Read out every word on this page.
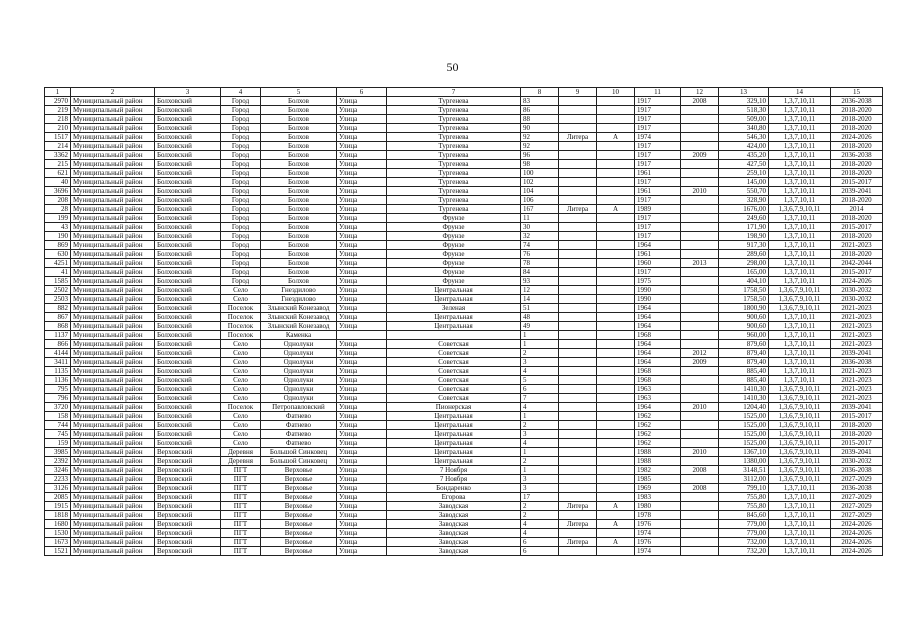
50
1	2	3	4	5	6	7	8	9	10	11	12	13	14	15
2970	Муниципальный район	Болховский	Город	Болхов	Улица	Тургенева	83			1917	2008	329,10	1,3,7,10,11	2036-2038
219	Муниципальный район	Болховский	Город	Болхов	Улица	Тургенева	86			1917		518,30	1,3,7,10,11	2018-2020
218	Муниципальный район	Болховский	Город	Болхов	Улица	Тургенева	88			1917		509,00	1,3,7,10,11	2018-2020
210	Муниципальный район	Болховский	Город	Болхов	Улица	Тургенева	90			1917		340,80	1,3,7,10,11	2018-2020
1517	Муниципальный район	Болховский	Город	Болхов	Улица	Тургенева	92	Литера	А	1974		546,30	1,3,7,10,11	2024-2026
214	Муниципальный район	Болховский	Город	Болхов	Улица	Тургенева	92			1917		424,00	1,3,7,10,11	2018-2020
3362	Муниципальный район	Болховский	Город	Болхов	Улица	Тургенева	96			1917	2009	435,20	1,3,7,10,11	2036-2038
215	Муниципальный район	Болховский	Город	Болхов	Улица	Тургенева	98			1917		427,50	1,3,7,10,11	2018-2020
621	Муниципальный район	Болховский	Город	Болхов	Улица	Тургенева	100			1961		259,10	1,3,7,10,11	2018-2020
40	Муниципальный район	Болховский	Город	Болхов	Улица	Тургенева	102			1917		145,00	1,3,7,10,11	2015-2017
3696	Муниципальный район	Болховский	Город	Болхов	Улица	Тургенева	104			1961	2010	550,70	1,3,7,10,11	2039-2041
208	Муниципальный район	Болховский	Город	Болхов	Улица	Тургенева	106			1917		328,90	1,3,7,10,11	2018-2020
28	Муниципальный район	Болховский	Город	Болхов	Улица	Тургенева	167	Литера	А	1989		1676,00	1,3,6,7,9,10,11	2014
199	Муниципальный район	Болховский	Город	Болхов	Улица	Фрунзе	11			1917		249,60	1,3,7,10,11	2018-2020
43	Муниципальный район	Болховский	Город	Болхов	Улица	Фрунзе	30			1917		171,90	1,3,7,10,11	2015-2017
190	Муниципальный район	Болховский	Город	Болхов	Улица	Фрунзе	32			1917		198,90	1,3,7,10,11	2018-2020
869	Муниципальный район	Болховский	Город	Болхов	Улица	Фрунзе	74			1964		917,30	1,3,7,10,11	2021-2023
630	Муниципальный район	Болховский	Город	Болхов	Улица	Фрунзе	76			1961		289,60	1,3,7,10,11	2018-2020
4251	Муниципальный район	Болховский	Город	Болхов	Улица	Фрунзе	78			1960	2013	298,00	1,3,7,10,11	2042-2044
41	Муниципальный район	Болховский	Город	Болхов	Улица	Фрунзе	84			1917		165,00	1,3,7,10,11	2015-2017
1585	Муниципальный район	Болховский	Город	Болхов	Улица	Фрунзе	93			1975		404,10	1,3,7,10,11	2024-2026
2502	Муниципальный район	Болховский	Село	Гнездилово	Улица	Центральная	12			1990		1758,50	1,3,6,7,9,10,11	2030-2032
2503	Муниципальный район	Болховский	Село	Гнездилово	Улица	Центральная	14			1990		1758,50	1,3,6,7,9,10,11	2030-2032
882	Муниципальный район	Болховский	Поселок	Злынский Конезавод	Улица	Зеленая	51			1964		1800,90	1,3,6,7,9,10,11	2021-2023
867	Муниципальный район	Болховский	Поселок	Злынский Конезавод	Улица	Центральная	48			1964		900,60	1,3,7,10,11	2021-2023
868	Муниципальный район	Болховский	Поселок	Злынский Конезавод	Улица	Центральная	49			1964		900,60	1,3,7,10,11	2021-2023
1137	Муниципальный район	Болховский	Поселок	Каменка			1			1968		960,00	1,3,7,10,11	2021-2023
866	Муниципальный район	Болховский	Село	Однолуки	Улица	Советская	1			1964		879,60	1,3,7,10,11	2021-2023
4144	Муниципальный район	Болховский	Село	Однолуки	Улица	Советская	2			1964	2012	879,40	1,3,7,10,11	2039-2041
3411	Муниципальный район	Болховский	Село	Однолуки	Улица	Советская	3			1964	2009	879,40	1,3,7,10,11	2036-2038
1135	Муниципальный район	Болховский	Село	Однолуки	Улица	Советская	4			1968		885,40	1,3,7,10,11	2021-2023
1136	Муниципальный район	Болховский	Село	Однолуки	Улица	Советская	5			1968		885,40	1,3,7,10,11	2021-2023
795	Муниципальный район	Болховский	Село	Однолуки	Улица	Советская	6			1963		1410,30	1,3,6,7,9,10,11	2021-2023
796	Муниципальный район	Болховский	Село	Однолуки	Улица	Советская	7			1963		1410,30	1,3,6,7,9,10,11	2021-2023
3720	Муниципальный район	Болховский	Поселок	Петропавловский	Улица	Пионерская	4			1964	2010	1204,40	1,3,6,7,9,10,11	2039-2041
158	Муниципальный район	Болховский	Село	Фатнево	Улица	Центральная	1			1962		1525,00	1,3,6,7,9,10,11	2015-2017
744	Муниципальный район	Болховский	Село	Фатнево	Улица	Центральная	2			1962		1525,00	1,3,6,7,9,10,11	2018-2020
745	Муниципальный район	Болховский	Село	Фатнево	Улица	Центральная	3			1962		1525,00	1,3,6,7,9,10,11	2018-2020
159	Муниципальный район	Болховский	Село	Фатнево	Улица	Центральная	4			1962		1525,00	1,3,6,7,9,10,11	2015-2017
3985	Муниципальный район	Верховский	Деревня	Большой Синковец	Улица	Центральная	1			1988	2010	1367,10	1,3,6,7,9,10,11	2039-2041
2392	Муниципальный район	Верховский	Деревня	Большой Синковец	Улица	Центральная	2			1988		1380,00	1,3,6,7,9,10,11	2030-2032
3246	Муниципальный район	Верховский	ПГТ	Верховье	Улица	7 Ноября	1			1982	2008	3148,51	1,3,6,7,9,10,11	2036-2038
2233	Муниципальный район	Верховский	ПГТ	Верховье	Улица	7 Ноября	3			1985		3112,00	1,3,6,7,9,10,11	2027-2029
3126	Муниципальный район	Верховский	ПГТ	Верховье	Улица	Бондаренко	3			1969	2008	799,10	1,3,7,10,11	2036-2038
2085	Муниципальный район	Верховский	ПГТ	Верховье	Улица	Егорова	17			1983		755,80	1,3,7,10,11	2027-2029
1915	Муниципальный район	Верховский	ПГТ	Верховье	Улица	Заводская	2	Литера	А	1980		755,80	1,3,7,10,11	2027-2029
1818	Муниципальный район	Верховский	ПГТ	Верховье	Улица	Заводская	2			1978		845,60	1,3,7,10,11	2027-2029
1680	Муниципальный район	Верховский	ПГТ	Верховье	Улица	Заводская	4	Литера	А	1976		779,00	1,3,7,10,11	2024-2026
1530	Муниципальный район	Верховский	ПГТ	Верховье	Улица	Заводская	4			1974		779,00	1,3,7,10,11	2024-2026
1673	Муниципальный район	Верховский	ПГТ	Верховье	Улица	Заводская	6	Литера	А	1976		732,00	1,3,7,10,11	2024-2026
1521	Муниципальный район	Верховский	ПГТ	Верховье	Улица	Заводская	6			1974		732,20	1,3,7,10,11	2024-2026
